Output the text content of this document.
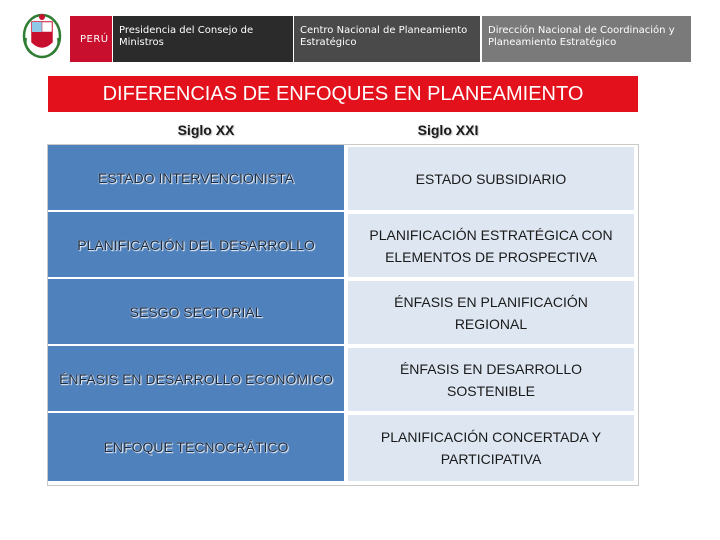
PERÚ
Presidencia del Consejo de Ministros
Centro Nacional de Planeamiento Estratégico
Dirección Nacional de Coordinación y Planeamiento Estratégico
DIFERENCIAS DE ENFOQUES EN PLANEAMIENTO
Siglo XX	Siglo XXI
ESTADO INTERVENCIONISTA	ESTADO SUBSIDIARIO
PLANIFICACIÓN DEL DESARROLLO
PLANIFICACIÓN ESTRATÉGICA CON ELEMENTOS DE PROSPECTIVA
SESGO SECTORIAL
ÉNFASIS EN PLANIFICACIÓN REGIONAL
ÉNFASIS EN DESARROLLO ECONÓMICO
ÉNFASIS EN DESARROLLO SOSTENIBLE
ENFOQUE TECNOCRÁTICO
PLANIFICACIÓN CONCERTADA Y PARTICIPATIVA
